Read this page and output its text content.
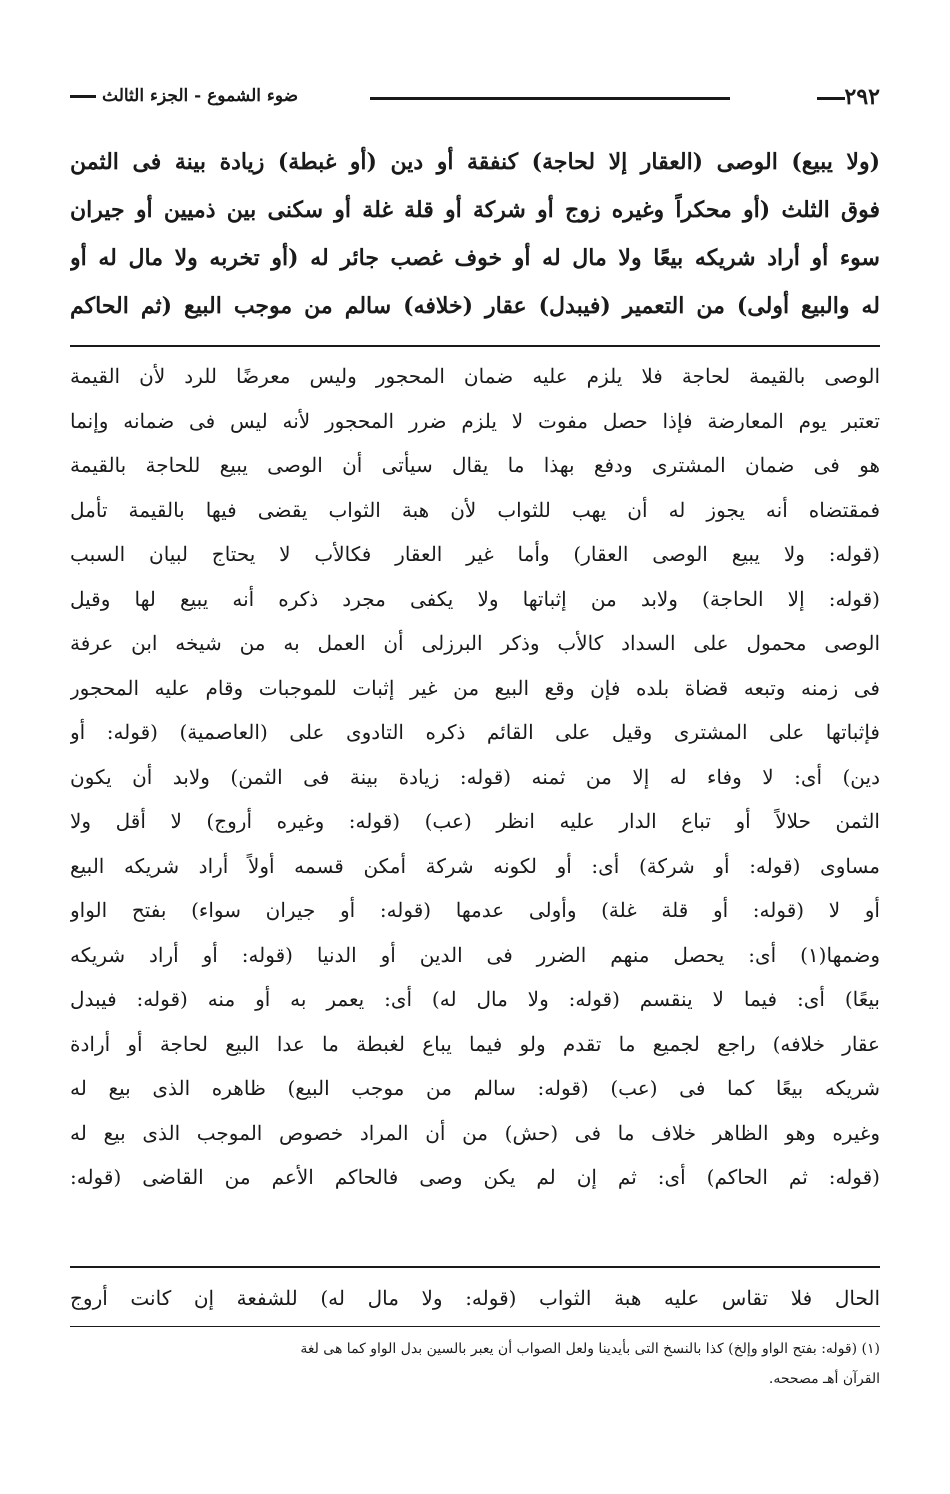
٢٩٢
ضوء الشموع - الجزء الثالث
(ولا يبيع) الوصى (العقار إلا لحاجة) كنفقة أو دين (أو غبطة) زيادة بينة فى الثمن
فوق الثلث (أو محكراً وغيره زوج أو شركة أو قلة غلة أو سكنى بين ذميين أو جيران
سوء أو أراد شريكه بيعًا ولا مال له أو خوف غصب جائر له (أو تخربه ولا مال له أو
له والبيع أولى) من التعمير (فيبدل) عقار (خلافه) سالم من موجب البيع (ثم الحاكم
الوصى بالقيمة لحاجة فلا يلزم عليه ضمان المحجور وليس معرضًا للرد لأن القيمة
تعتبر يوم المعارضة فإذا حصل مفوت لا يلزم ضرر المحجور لأنه ليس فى ضمانه وإنما
هو فى ضمان المشترى ودفع بهذا ما يقال سيأتى أن الوصى يبيع للحاجة بالقيمة
فمقتضاه أنه يجوز له أن يهب للثواب لأن هبة الثواب يقضى فيها بالقيمة تأمل
(قوله: ولا يبيع الوصى العقار) وأما غير العقار فكالأب لا يحتاج لبيان السبب
(قوله: إلا الحاجة) ولابد من إثباتها ولا يكفى مجرد ذكره أنه يبيع لها وقيل
الوصى محمول على السداد كالأب وذكر البرزلى أن العمل به من شيخه ابن عرفة
فى زمنه وتبعه قضاة بلده فإن وقع البيع من غير إثبات للموجبات وقام عليه المحجور
فإثباتها على المشترى وقيل على القائم ذكره التادوى على (العاصمية) (قوله: أو
دين) أى: لا وفاء له إلا من ثمنه (قوله: زيادة بينة فى الثمن) ولابد أن يكون
الثمن حلالاً أو تباع الدار عليه انظر (عب) (قوله: وغيره أروج) لا أقل ولا
مساوى (قوله: أو شركة) أى: أو لكونه شركة أمكن قسمه أولاً أراد شريكه البيع
أو لا (قوله: أو قلة غلة) وأولى عدمها (قوله: أو جيران سواء) بفتح الواو
وضمها(١) أى: يحصل منهم الضرر فى الدين أو الدنيا (قوله: أو أراد شريكه
بيعًا) أى: فيما لا ينقسم (قوله: ولا مال له) أى: يعمر به أو منه (قوله: فيبدل
عقار خلافه) راجع لجميع ما تقدم ولو فيما يباع لغبطة ما عدا البيع لحاجة أو أرادة
شريكه بيعًا كما فى (عب) (قوله: سالم من موجب البيع) ظاهره الذى بيع له
وغيره وهو الظاهر خلاف ما فى (حش) من أن المراد خصوص الموجب الذى بيع له
(قوله: ثم الحاكم) أى: ثم إن لم يكن وصى فالحاكم الأعم من القاضى (قوله:
الحال فلا تقاس عليه هبة الثواب (قوله: ولا مال له) للشفعة إن كانت أروج
(١) (قوله: بفتح الواو وإلخ) كذا بالنسخ التى بأيدينا ولعل الصواب أن يعبر بالسين بدل الواو كما هى لغة
القرآن أهـ مصححه.
